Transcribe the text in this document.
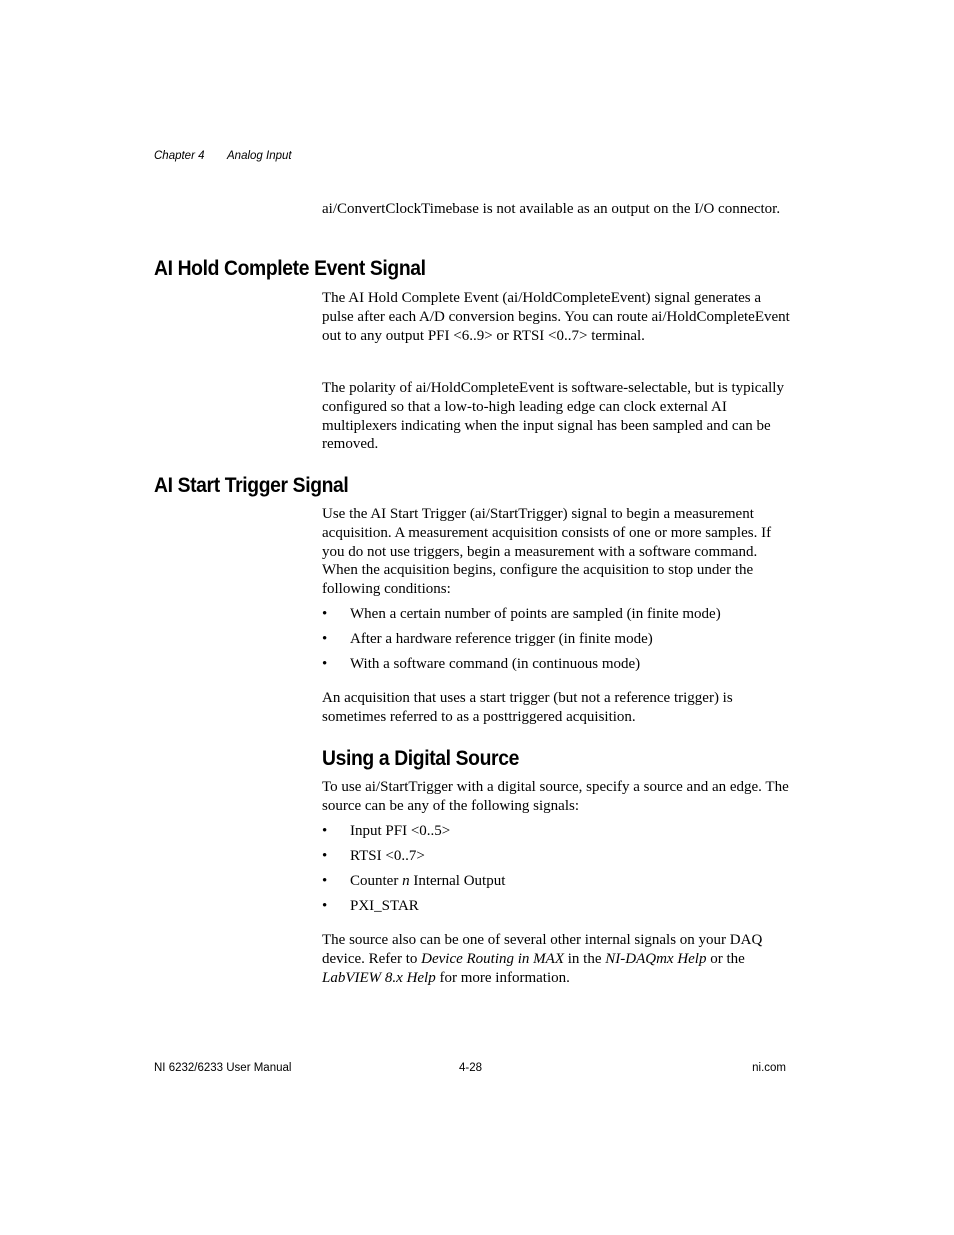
Chapter 4 Analog Input

ai/ConvertClockTimebase is not available as an output on the I/O connector.

AI Hold Complete Event Signal

The AI Hold Complete Event (ai/HoldCompleteEvent) signal generates a pulse after each A/D conversion begins. You can route ai/HoldCompleteEvent out to any output PFI <6..9> or RTSI <0..7> terminal.

The polarity of ai/HoldCompleteEvent is software-selectable, but is typically configured so that a low-to-high leading edge can clock external AI multiplexers indicating when the input signal has been sampled and can be removed.

AI Start Trigger Signal

Use the AI Start Trigger (ai/StartTrigger) signal to begin a measurement acquisition. A measurement acquisition consists of one or more samples. If you do not use triggers, begin a measurement with a software command. When the acquisition begins, configure the acquisition to stop under the following conditions:

• When a certain number of points are sampled (in finite mode)
• After a hardware reference trigger (in finite mode)
• With a software command (in continuous mode)

An acquisition that uses a start trigger (but not a reference trigger) is sometimes referred to as a posttriggered acquisition.

Using a Digital Source

To use ai/StartTrigger with a digital source, specify a source and an edge. The source can be any of the following signals:

• Input PFI <0..5>
• RTSI <0..7>
• Counter n Internal Output
• PXI_STAR

The source also can be one of several other internal signals on your DAQ device. Refer to Device Routing in MAX in the NI-DAQmx Help or the LabVIEW 8.x Help for more information.

NI 6232/6233 User Manual	4-28	ni.com
